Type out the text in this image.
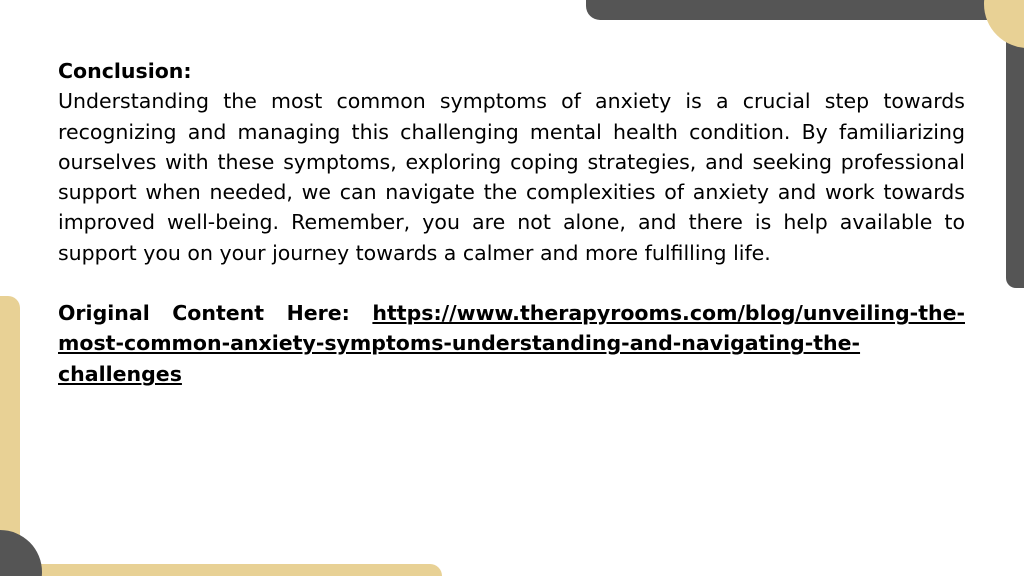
Conclusion:

Understanding the most common symptoms of anxiety is a crucial step towards recognizing and managing this challenging mental health condition. By familiarizing ourselves with these symptoms, exploring coping strategies, and seeking professional support when needed, we can navigate the complexities of anxiety and work towards improved well-being. Remember, you are not alone, and there is help available to support you on your journey towards a calmer and more fulfilling life.

Original Content Here: https://www.therapyrooms.com/blog/unveiling-the-most-common-anxiety-symptoms-understanding-and-navigating-the-challenges
